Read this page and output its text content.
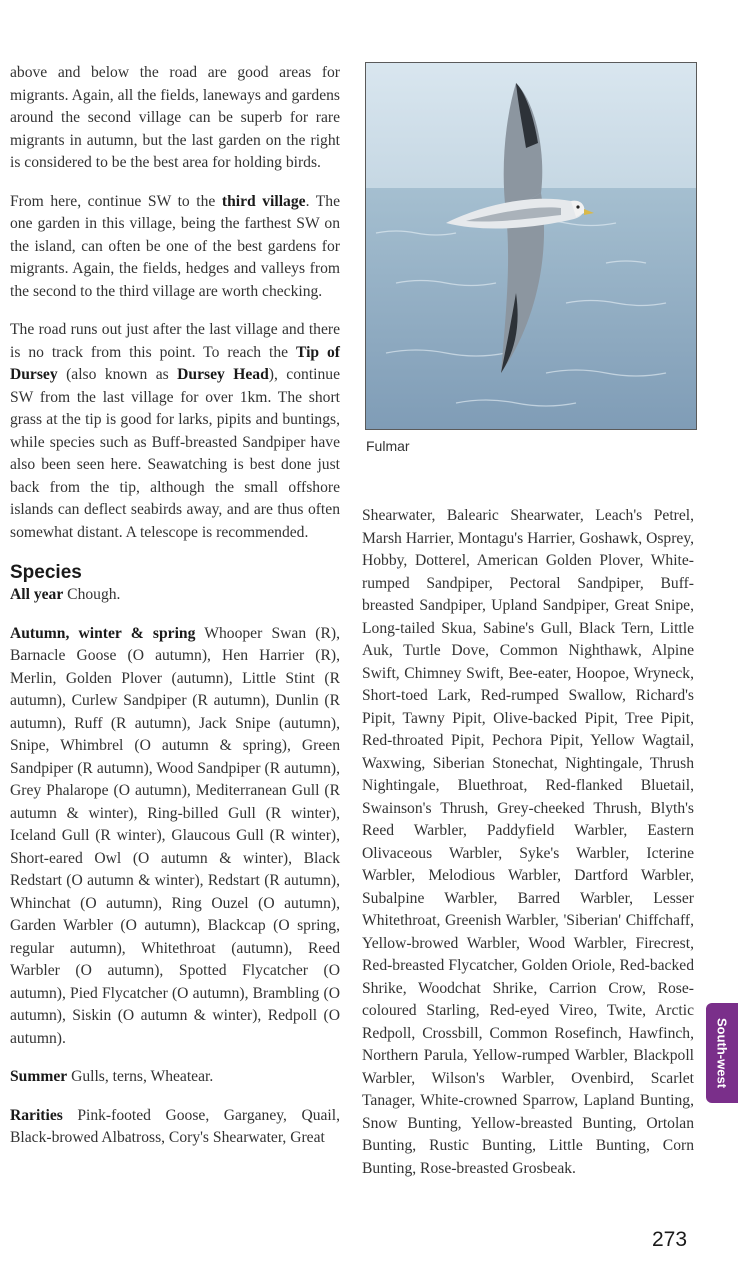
above and below the road are good areas for migrants. Again, all the fields, laneways and gardens around the second village can be superb for rare migrants in autumn, but the last garden on the right is considered to be the best area for holding birds.

From here, continue SW to the third village. The one garden in this village, being the farthest SW on the island, can often be one of the best gardens for migrants. Again, the fields, hedges and valleys from the second to the third village are worth checking.

The road runs out just after the last village and there is no track from this point. To reach the Tip of Dursey (also known as Dursey Head), continue SW from the last village for over 1km. The short grass at the tip is good for larks, pipits and buntings, while species such as Buff-breasted Sandpiper have also been seen here. Seawatching is best done just back from the tip, although the small offshore islands can deflect seabirds away, and are thus often somewhat distant. A telescope is recommended.

Species

All year Chough.

Autumn, winter & spring Whooper Swan (R), Barnacle Goose (O autumn), Hen Harrier (R), Merlin, Golden Plover (autumn), Little Stint (R autumn), Curlew Sandpiper (R autumn), Dunlin (R autumn), Ruff (R autumn), Jack Snipe (autumn), Snipe, Whimbrel (O autumn & spring), Green Sandpiper (R autumn), Wood Sandpiper (R autumn), Grey Phalarope (O autumn), Mediterranean Gull (R autumn & winter), Ring-billed Gull (R winter), Iceland Gull (R winter), Glaucous Gull (R winter), Short-eared Owl (O autumn & winter), Black Redstart (O autumn & winter), Redstart (R autumn), Whinchat (O autumn), Ring Ouzel (O autumn), Garden Warbler (O autumn), Blackcap (O spring, regular autumn), Whitethroat (autumn), Reed Warbler (O autumn), Spotted Flycatcher (O autumn), Pied Flycatcher (O autumn), Brambling (O autumn), Siskin (O autumn & winter), Redpoll (O autumn).

Summer Gulls, terns, Wheatear.

Rarities Pink-footed Goose, Garganey, Quail, Black-browed Albatross, Cory's Shearwater, Great

Fulmar

Shearwater, Balearic Shearwater, Leach's Petrel, Marsh Harrier, Montagu's Harrier, Goshawk, Osprey, Hobby, Dotterel, American Golden Plover, White-rumped Sandpiper, Pectoral Sandpiper, Buff-breasted Sandpiper, Upland Sandpiper, Great Snipe, Long-tailed Skua, Sabine's Gull, Black Tern, Little Auk, Turtle Dove, Common Nighthawk, Alpine Swift, Chimney Swift, Bee-eater, Hoopoe, Wryneck, Short-toed Lark, Red-rumped Swallow, Richard's Pipit, Tawny Pipit, Olive-backed Pipit, Tree Pipit, Red-throated Pipit, Pechora Pipit, Yellow Wagtail, Waxwing, Siberian Stonechat, Nightingale, Thrush Nightingale, Bluethroat, Red-flanked Bluetail, Swainson's Thrush, Grey-cheeked Thrush, Blyth's Reed Warbler, Paddyfield Warbler, Eastern Olivaceous Warbler, Syke's Warbler, Icterine Warbler, Melodious Warbler, Dartford Warbler, Subalpine Warbler, Barred Warbler, Lesser Whitethroat, Greenish Warbler, 'Siberian' Chiffchaff, Yellow-browed Warbler, Wood Warbler, Firecrest, Red-breasted Flycatcher, Golden Oriole, Red-backed Shrike, Woodchat Shrike, Carrion Crow, Rose-coloured Starling, Red-eyed Vireo, Twite, Arctic Redpoll, Crossbill, Common Rosefinch, Hawfinch, Northern Parula, Yellow-rumped Warbler, Blackpoll Warbler, Wilson's Warbler, Ovenbird, Scarlet Tanager, White-crowned Sparrow, Lapland Bunting, Snow Bunting, Yellow-breasted Bunting, Ortolan Bunting, Rustic Bunting, Little Bunting, Corn Bunting, Rose-breasted Grosbeak.

South-west
273
